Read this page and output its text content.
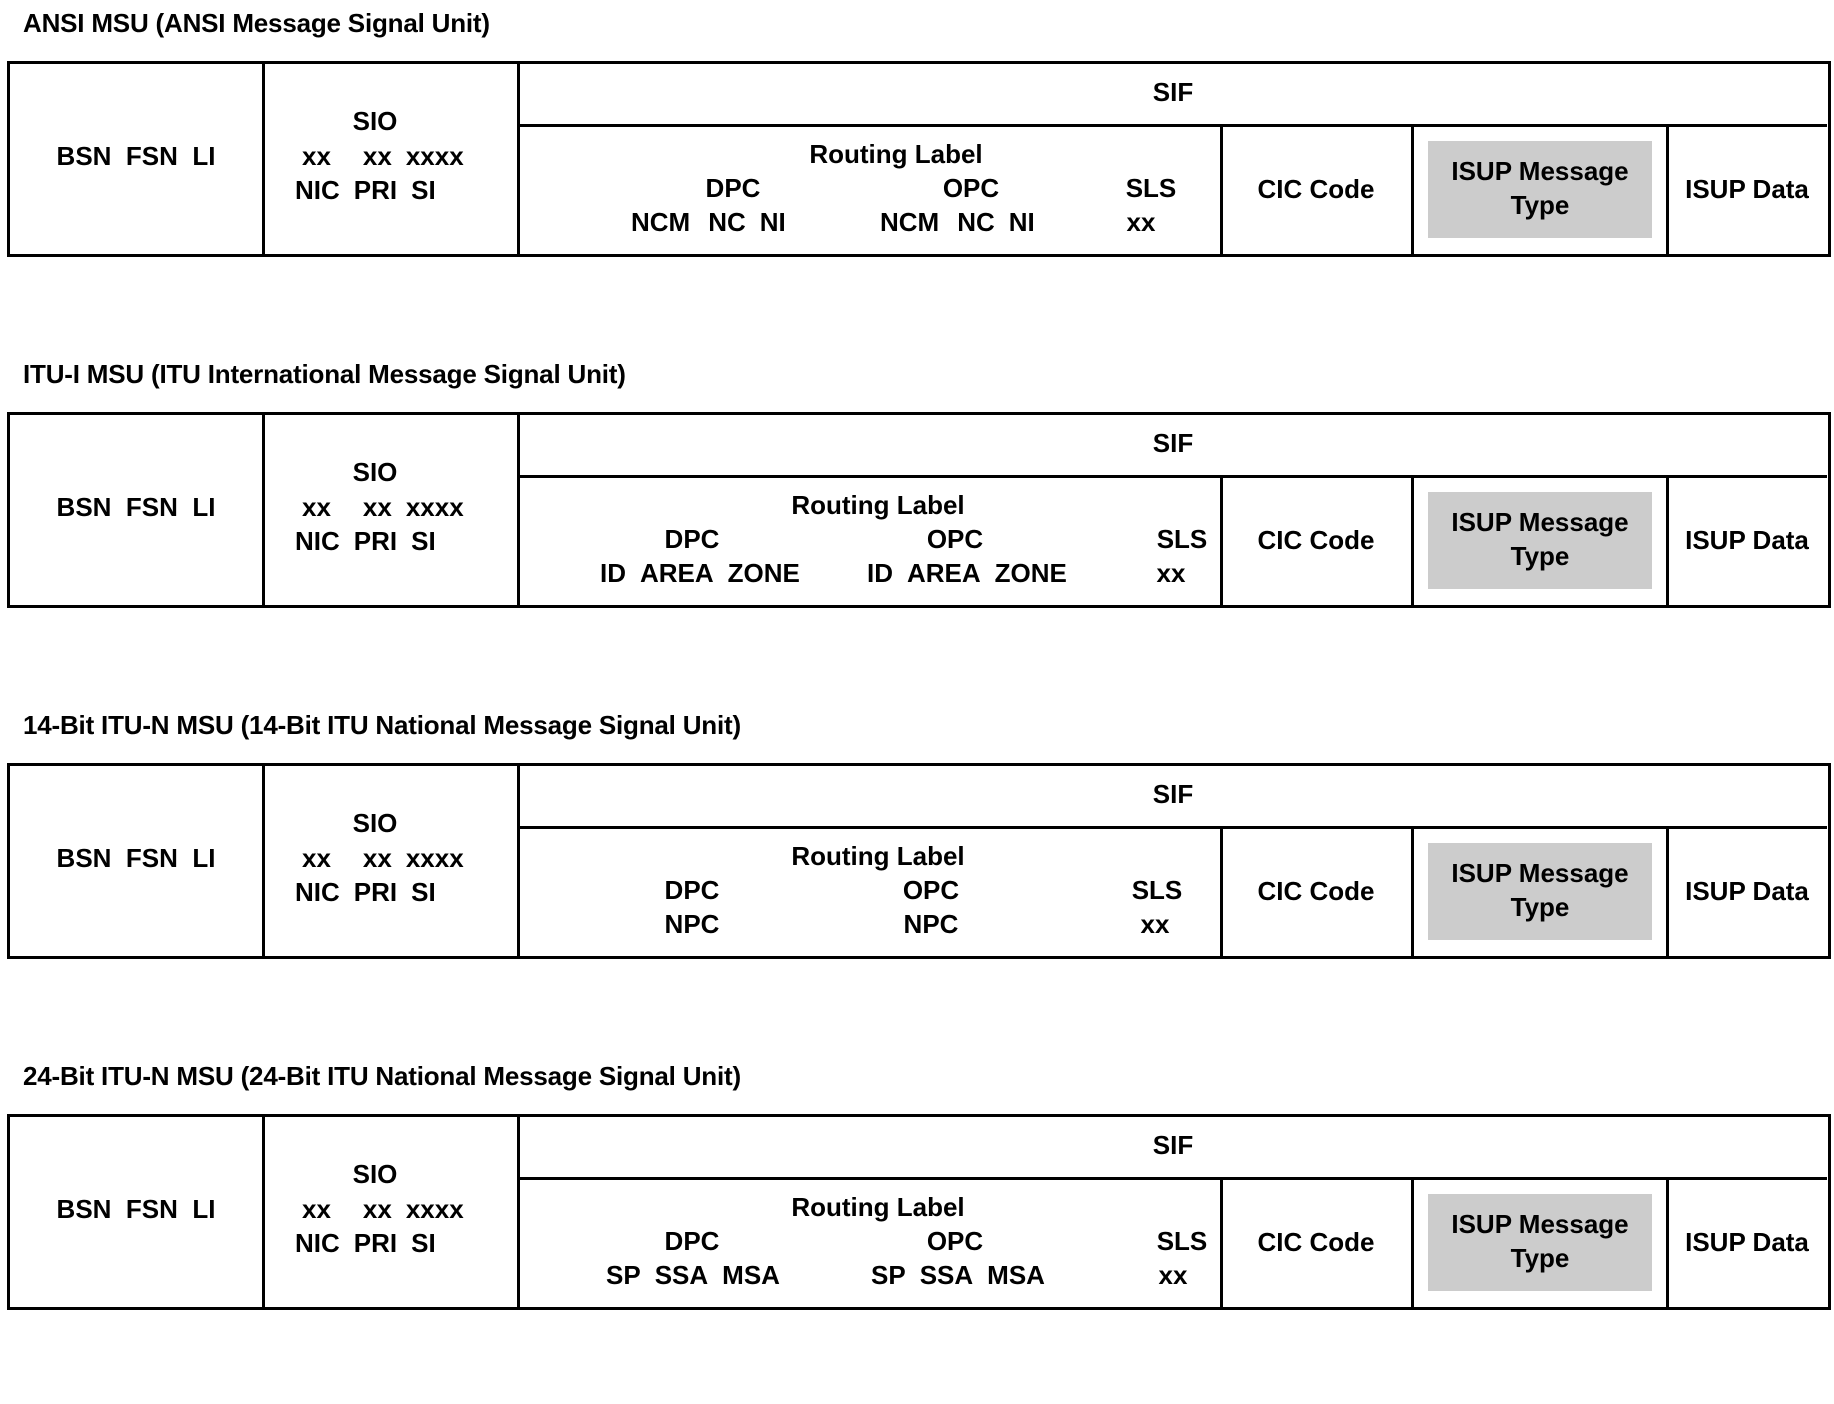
ANSI MSU (ANSI Message Signal Unit)
BSN  FSN  LI
SIO
xx xx xxxx
NIC PRI SI
SIF
Routing Label
DPC	OPC	SLS
NCM NC NI	NCM NC NI	xx
CIC Code
ISUP Message
Type
ISUP Data
ITU-I MSU (ITU International Message Signal Unit)
BSN  FSN  LI
SIO
xx xx xxxx
NIC PRI SI
SIF
Routing Label
DPC	OPC	SLS
ID AREA ZONE	ID AREA ZONE	xx
CIC Code
ISUP Message
Type
ISUP Data
14-Bit ITU-N MSU (14-Bit ITU National Message Signal Unit)
BSN  FSN  LI
SIO
xx xx xxxx
NIC PRI SI
SIF
Routing Label
DPC	OPC	SLS
NPC	NPC	xx
CIC Code
ISUP Message
Type
ISUP Data
24-Bit ITU-N MSU (24-Bit ITU National Message Signal Unit)
BSN  FSN  LI
SIO
xx xx xxxx
NIC PRI SI
SIF
Routing Label
DPC	OPC	SLS
SP SSA MSA	SP SSA MSA	xx
CIC Code
ISUP Message
Type
ISUP Data
